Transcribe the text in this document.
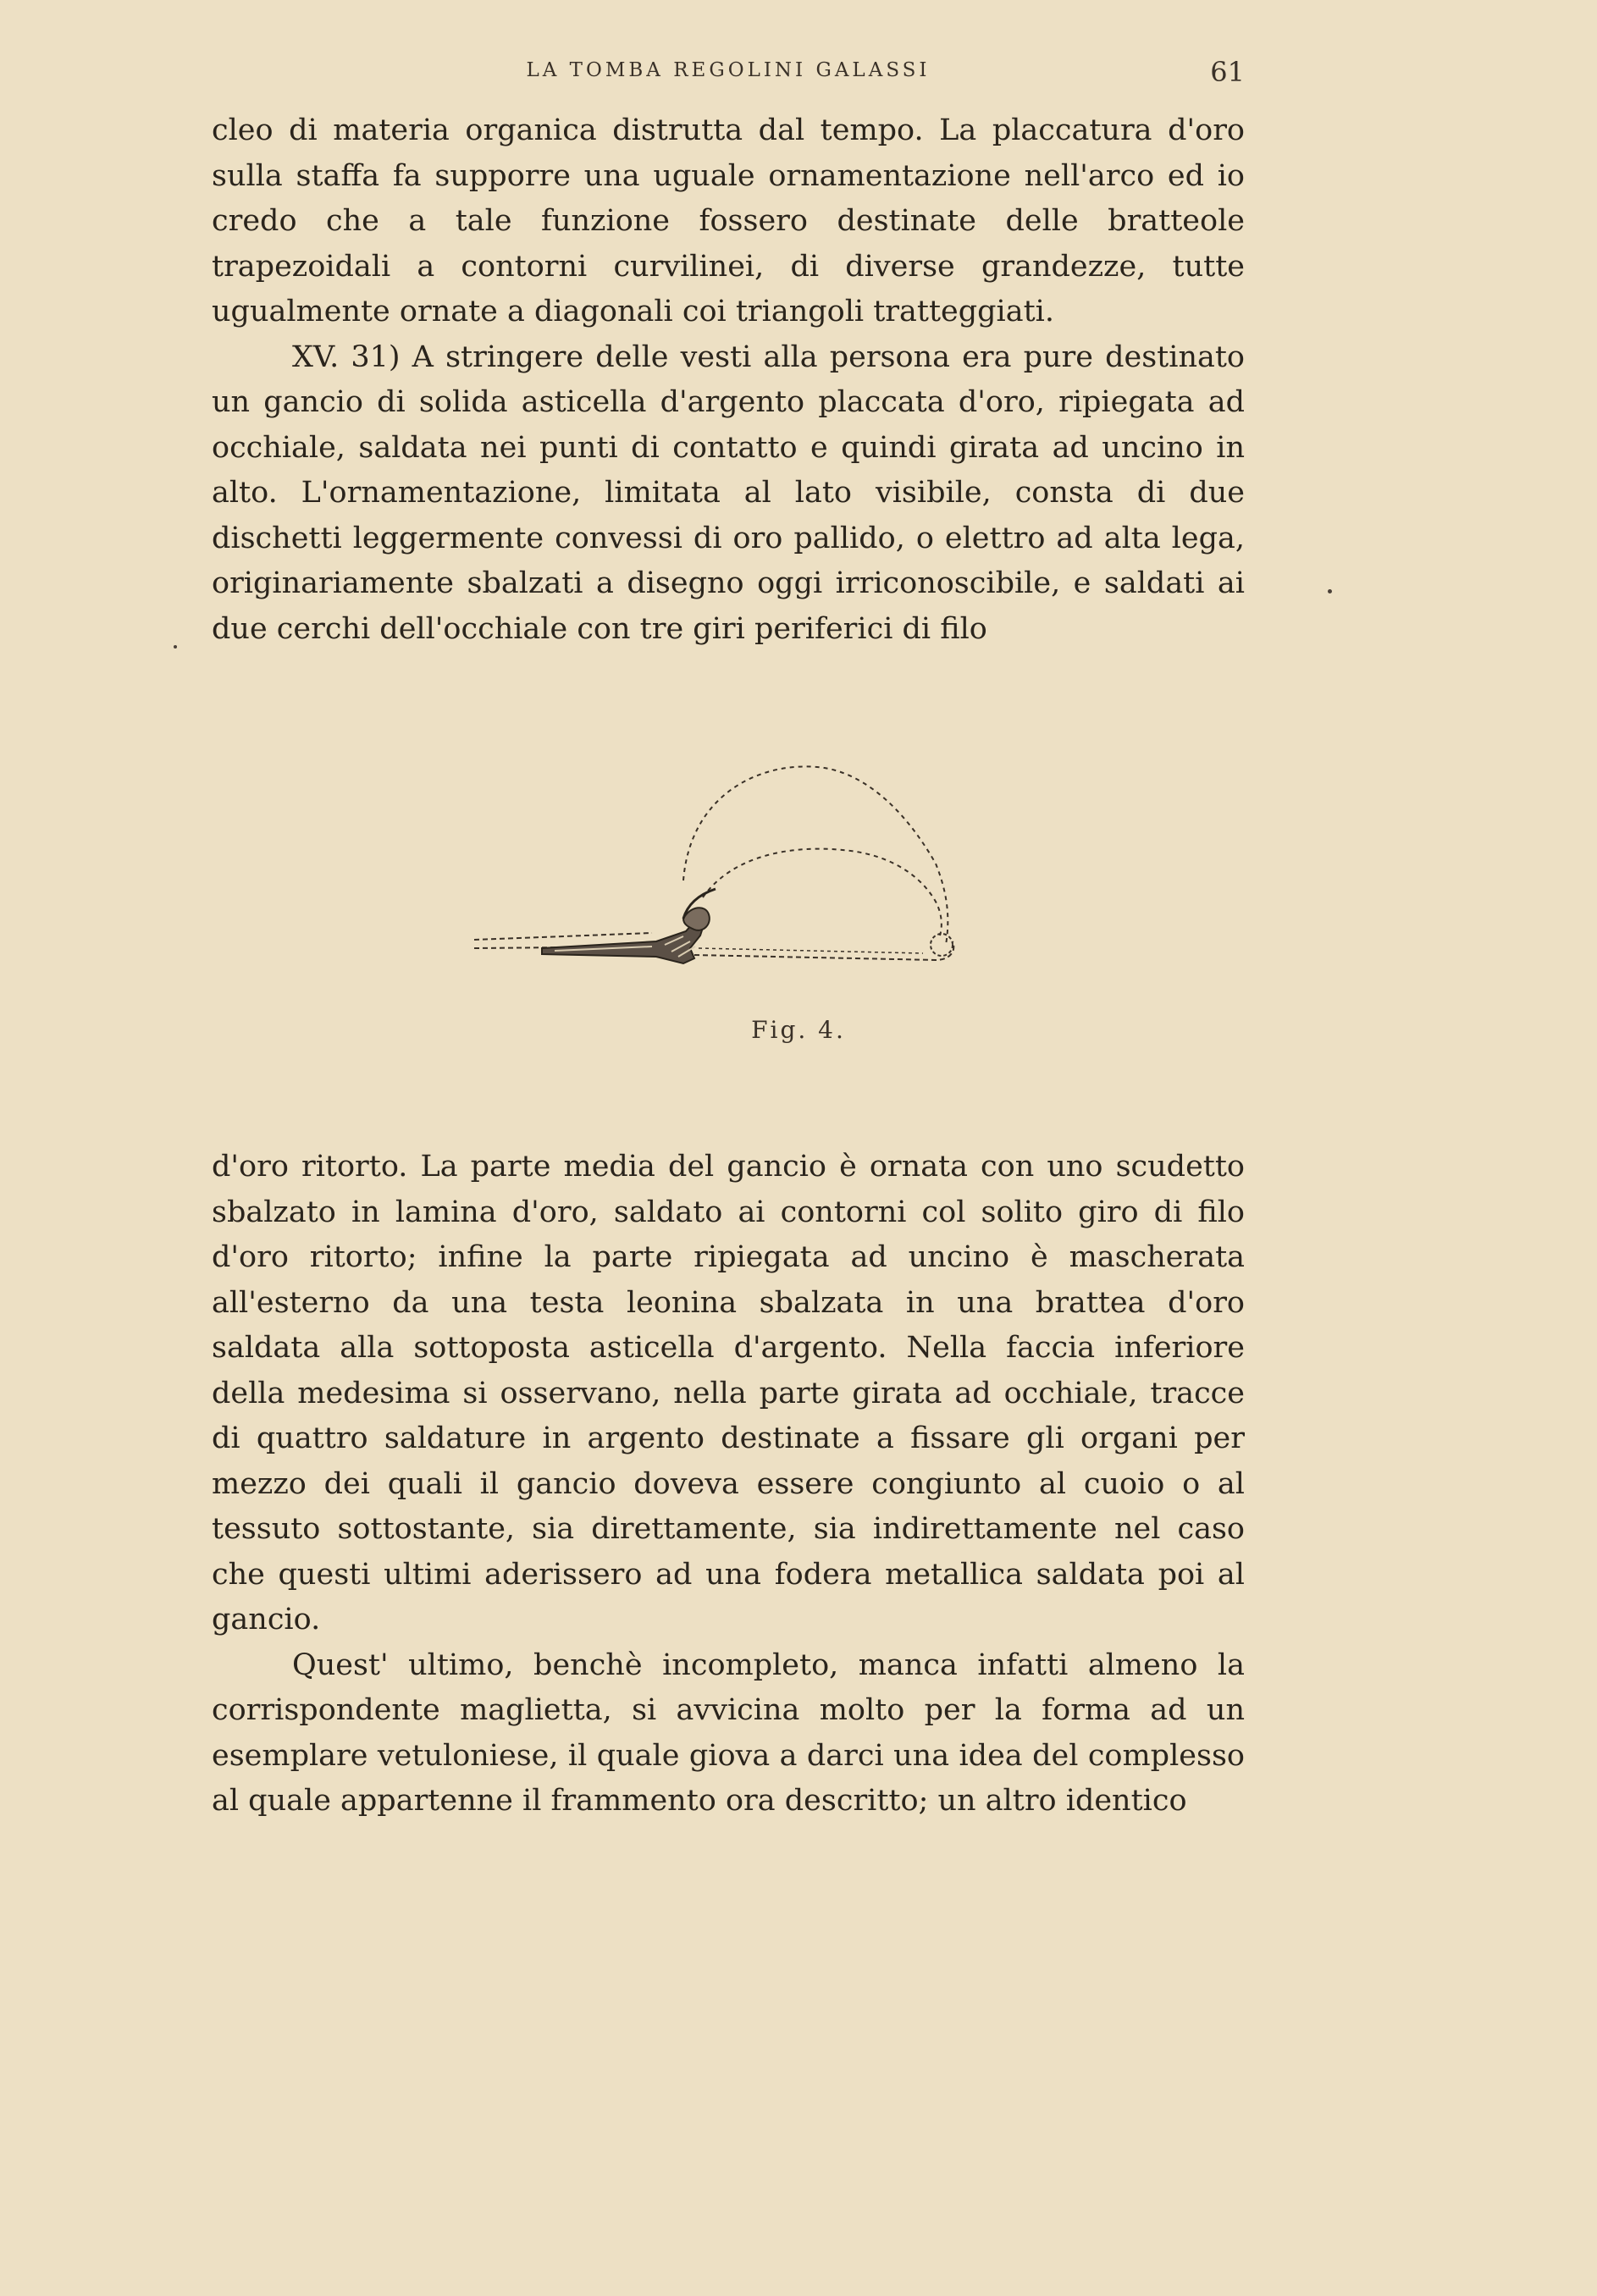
LA TOMBA REGOLINI GALASSI	61

cleo di materia organica distrutta dal tempo. La placcatura d'oro sulla staffa fa supporre una uguale ornamentazione nell'arco ed io credo che a tale funzione fossero destinate delle bratteole trapezoidali a contorni curvilinei, di diverse grandezze, tutte ugualmente ornate a diagonali coi triangoli tratteggiati.

XV. 31) A stringere delle vesti alla persona era pure destinato un gancio di solida asticella d'argento placcata d'oro, ripiegata ad occhiale, saldata nei punti di contatto e quindi girata ad uncino in alto. L'ornamentazione, limitata al lato visibile, consta di due dischetti leggermente convessi di oro pallido, o elettro ad alta lega, originariamente sbalzati a disegno oggi irriconoscibile, e saldati ai due cerchi dell'occhiale con tre giri periferici di filo

Fig. 4.

d'oro ritorto. La parte media del gancio è ornata con uno scudetto sbalzato in lamina d'oro, saldato ai contorni col solito giro di filo d'oro ritorto; infine la parte ripiegata ad uncino è mascherata all'esterno da una testa leonina sbalzata in una brattea d'oro saldata alla sottoposta asticella d'argento. Nella faccia inferiore della medesima si osservano, nella parte girata ad occhiale, tracce di quattro saldature in argento destinate a fissare gli organi per mezzo dei quali il gancio doveva essere congiunto al cuoio o al tessuto sottostante, sia direttamente, sia indirettamente nel caso che questi ultimi aderissero ad una fodera metallica saldata poi al gancio.

Quest' ultimo, benchè incompleto, manca infatti almeno la corrispondente maglietta, si avvicina molto per la forma ad un esemplare vetuloniese, il quale giova a darci una idea del complesso al quale appartenne il frammento ora descritto; un altro identico
